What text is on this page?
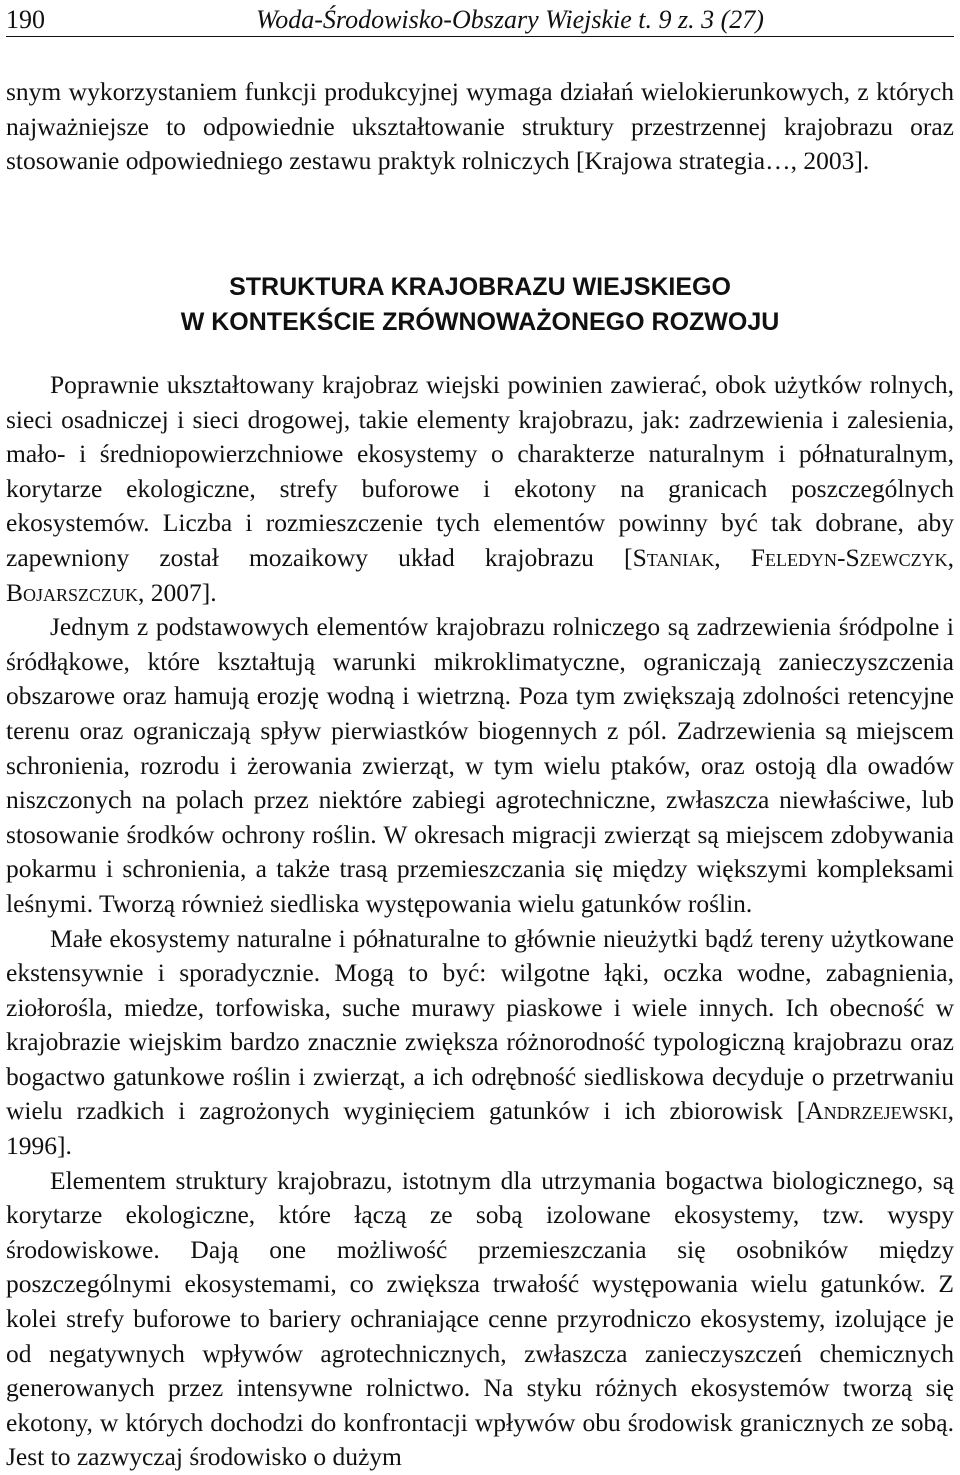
190	Woda-Środowisko-Obszary Wiejskie t. 9 z. 3 (27)

snym wykorzystaniem funkcji produkcyjnej wymaga działań wielokierunkowych, z których najważniejsze to odpowiednie ukształtowanie struktury przestrzennej krajobrazu oraz stosowanie odpowiedniego zestawu praktyk rolniczych [Krajowa strategia…, 2003].

STRUKTURA KRAJOBRAZU WIEJSKIEGO
W KONTEKŚCIE ZRÓWNOWAŻONEGO ROZWOJU

Poprawnie ukształtowany krajobraz wiejski powinien zawierać, obok użytków rolnych, sieci osadniczej i sieci drogowej, takie elementy krajobrazu, jak: zadrzewienia i zalesienia, mało- i średniopowierzchniowe ekosystemy o charakterze naturalnym i półnaturalnym, korytarze ekologiczne, strefy buforowe i ekotony na granicach poszczególnych ekosystemów. Liczba i rozmieszczenie tych elementów powinny być tak dobrane, aby zapewniony został mozaikowy układ krajobrazu [Staniak, Feledyn-Szewczyk, Bojarszczuk, 2007].

Jednym z podstawowych elementów krajobrazu rolniczego są zadrzewienia śródpolne i śródłąkowe, które kształtują warunki mikroklimatyczne, ograniczają zanieczyszczenia obszarowe oraz hamują erozję wodną i wietrzną. Poza tym zwiększają zdolności retencyjne terenu oraz ograniczają spływ pierwiastków biogennych z pól. Zadrzewienia są miejscem schronienia, rozrodu i żerowania zwierząt, w tym wielu ptaków, oraz ostoją dla owadów niszczonych na polach przez niektóre zabiegi agrotechniczne, zwłaszcza niewłaściwe, lub stosowanie środków ochrony roślin. W okresach migracji zwierząt są miejscem zdobywania pokarmu i schronienia, a także trasą przemieszczania się między większymi kompleksami leśnymi. Tworzą również siedliska występowania wielu gatunków roślin.

Małe ekosystemy naturalne i półnaturalne to głównie nieużytki bądź tereny użytkowane ekstensywnie i sporadycznie. Mogą to być: wilgotne łąki, oczka wodne, zabagnienia, ziołorośla, miedze, torfowiska, suche murawy piaskowe i wiele innych. Ich obecność w krajobrazie wiejskim bardzo znacznie zwiększa różnorodność typologiczną krajobrazu oraz bogactwo gatunkowe roślin i zwierząt, a ich odrębność siedliskowa decyduje o przetrwaniu wielu rzadkich i zagrożonych wyginięciem gatunków i ich zbiorowisk [Andrzejewski, 1996].

Elementem struktury krajobrazu, istotnym dla utrzymania bogactwa biologicznego, są korytarze ekologiczne, które łączą ze sobą izolowane ekosystemy, tzw. wyspy środowiskowe. Dają one możliwość przemieszczania się osobników między poszczególnymi ekosystemami, co zwiększa trwałość występowania wielu gatunków. Z kolei strefy buforowe to bariery ochraniające cenne przyrodniczo ekosystemy, izolujące je od negatywnych wpływów agrotechnicznych, zwłaszcza zanieczyszczeń chemicznych generowanych przez intensywne rolnictwo. Na styku różnych ekosystemów tworzą się ekotony, w których dochodzi do konfrontacji wpływów obu środowisk granicznych ze sobą. Jest to zazwyczaj środowisko o dużym
